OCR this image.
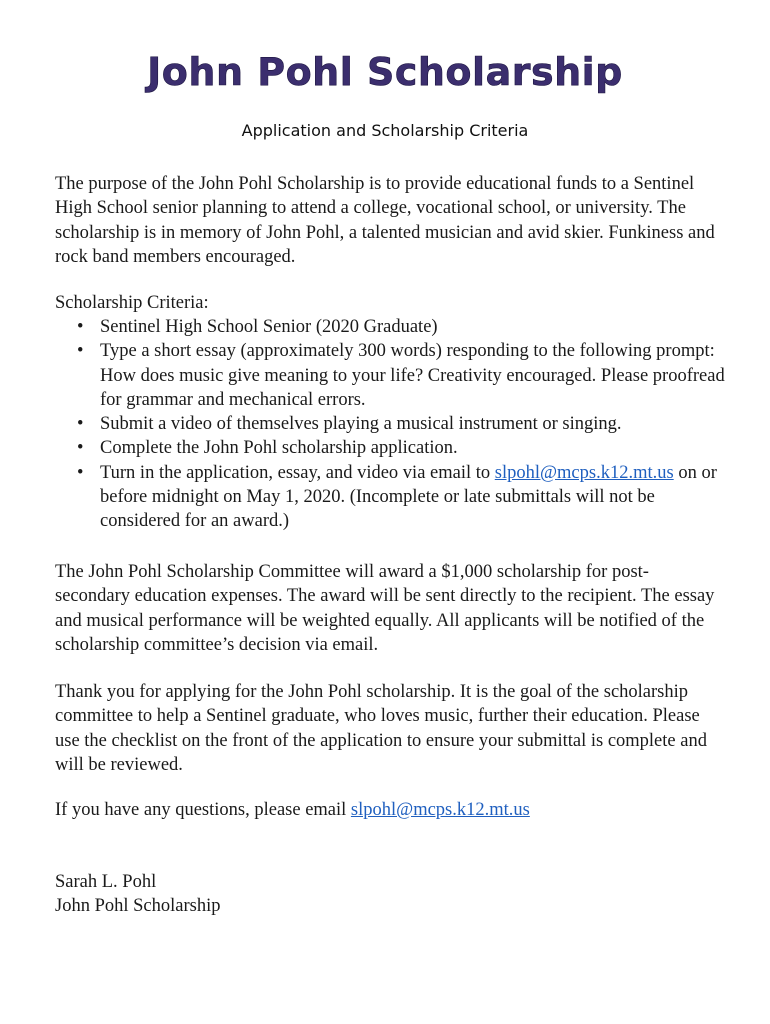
John Pohl Scholarship
Application and Scholarship Criteria

The purpose of the John Pohl Scholarship is to provide educational funds to a Sentinel High School senior planning to attend a college, vocational school, or university. The scholarship is in memory of John Pohl, a talented musician and avid skier. Funkiness and rock band members encouraged.

Scholarship Criteria:
• Sentinel High School Senior (2020 Graduate)
• Type a short essay (approximately 300 words) responding to the following prompt: How does music give meaning to your life? Creativity encouraged. Please proofread for grammar and mechanical errors.
• Submit a video of themselves playing a musical instrument or singing.
• Complete the John Pohl scholarship application.
• Turn in the application, essay, and video via email to slpohl@mcps.k12.mt.us on or before midnight on May 1, 2020. (Incomplete or late submittals will not be considered for an award.)

The John Pohl Scholarship Committee will award a $1,000 scholarship for post-secondary education expenses. The award will be sent directly to the recipient. The essay and musical performance will be weighted equally. All applicants will be notified of the scholarship committee’s decision via email.

Thank you for applying for the John Pohl scholarship. It is the goal of the scholarship committee to help a Sentinel graduate, who loves music, further their education. Please use the checklist on the front of the application to ensure your submittal is complete and will be reviewed.

If you have any questions, please email slpohl@mcps.k12.mt.us

Sarah L. Pohl
John Pohl Scholarship
